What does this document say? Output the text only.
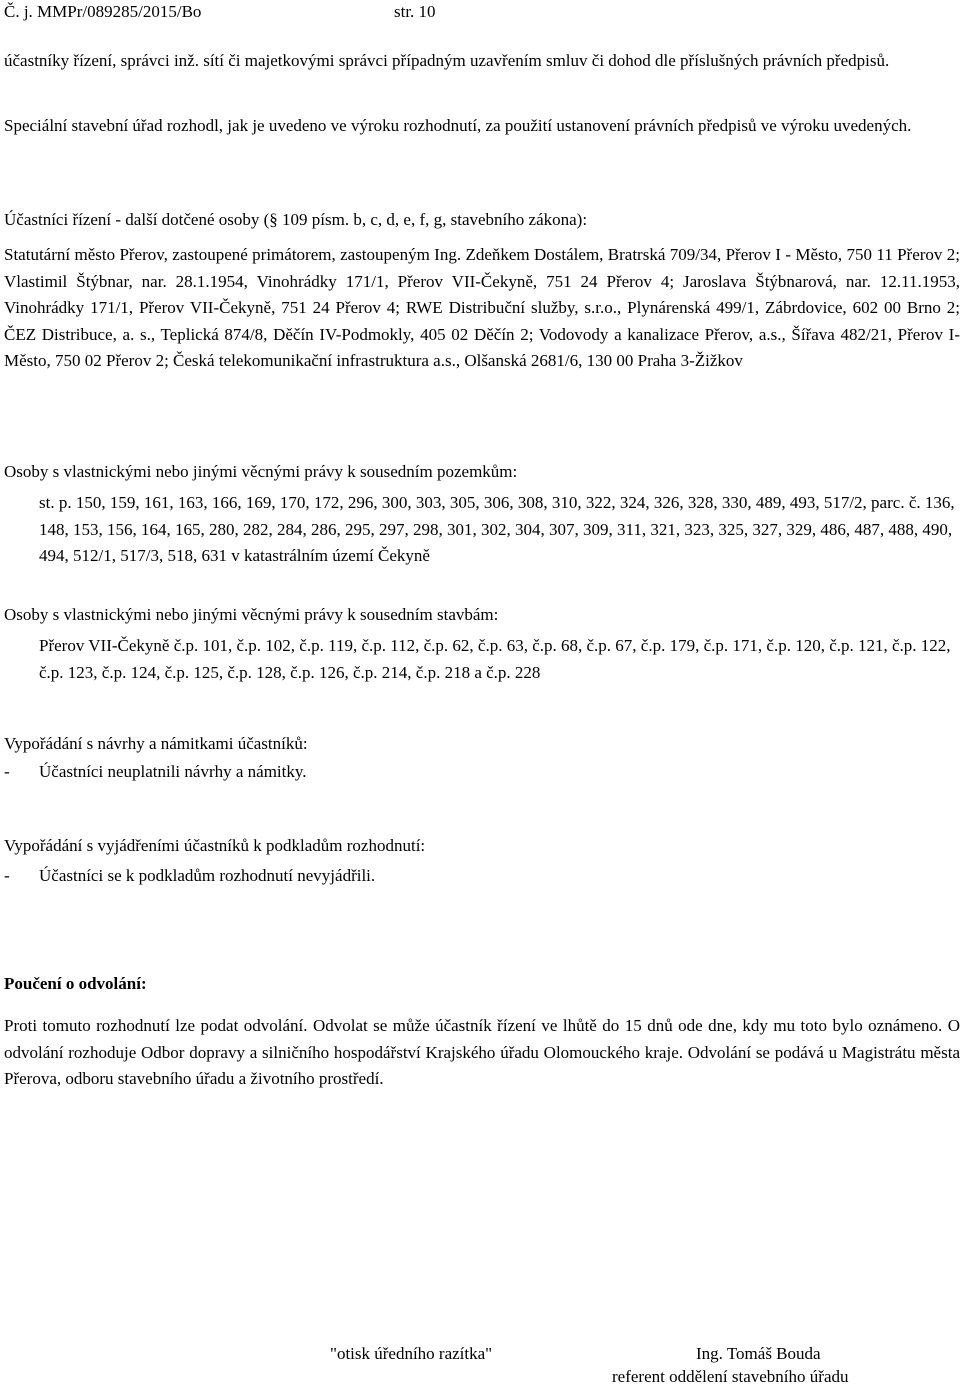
Č. j. MMPr/089285/2015/Bo	str. 10
účastníky řízení, správci inž. sítí či majetkovými správci případným uzavřením smluv či dohod dle příslušných právních předpisů.
Speciální stavební úřad rozhodl, jak je uvedeno ve výroku rozhodnutí, za použití ustanovení právních předpisů ve výroku uvedených.
Účastníci řízení - další dotčené osoby (§ 109 písm. b, c, d, e, f, g, stavebního zákona):
Statutární město Přerov, zastoupené primátorem, zastoupeným Ing. Zdeňkem Dostálem, Bratrská 709/34, Přerov I - Město, 750 11 Přerov 2; Vlastimil Štýbnar, nar. 28.1.1954, Vinohrádky 171/1, Přerov VII-Čekyně, 751 24 Přerov 4; Jaroslava Štýbnarová, nar. 12.11.1953, Vinohrádky 171/1, Přerov VII-Čekyně, 751 24 Přerov 4; RWE Distribuční služby, s.r.o., Plynárenská 499/1, Zábrdovice, 602 00 Brno 2; ČEZ Distribuce, a. s., Teplická 874/8, Děčín IV-Podmokly, 405 02 Děčín 2; Vodovody a kanalizace Přerov, a.s., Šířava 482/21, Přerov I-Město, 750 02 Přerov 2; Česká telekomunikační infrastruktura a.s., Olšanská 2681/6, 130 00 Praha 3-Žižkov
Osoby s vlastnickými nebo jinými věcnými právy k sousedním pozemkům:
st. p. 150, 159, 161, 163, 166, 169, 170, 172, 296, 300, 303, 305, 306, 308, 310, 322, 324, 326, 328, 330, 489, 493, 517/2, parc. č. 136, 148, 153, 156, 164, 165, 280, 282, 284, 286, 295, 297, 298, 301, 302, 304, 307, 309, 311, 321, 323, 325, 327, 329, 486, 487, 488, 490, 494, 512/1, 517/3, 518, 631 v katastrálním území Čekyně
Osoby s vlastnickými nebo jinými věcnými právy k sousedním stavbám:
Přerov VII-Čekyně č.p. 101, č.p. 102, č.p. 119, č.p. 112, č.p. 62, č.p. 63, č.p. 68, č.p. 67, č.p. 179, č.p. 171, č.p. 120, č.p. 121, č.p. 122, č.p. 123, č.p. 124, č.p. 125, č.p. 128, č.p. 126, č.p. 214, č.p. 218 a č.p. 228
Vypořádání s návrhy a námitkami účastníků:
- Účastníci neuplatnili návrhy a námitky.
Vypořádání s vyjádřeními účastníků k podkladům rozhodnutí:
- Účastníci se k podkladům rozhodnutí nevyjádřili.
Poučení o odvolání:
Proti tomuto rozhodnutí lze podat odvolání. Odvolat se může účastník řízení ve lhůtě do 15 dnů ode dne, kdy mu toto bylo oznámeno. O odvolání rozhoduje Odbor dopravy a silničního hospodářství Krajského úřadu Olomouckého kraje. Odvolání se podává u Magistrátu města Přerova, odboru stavebního úřadu a životního prostředí.
"otisk úředního razítka"	Ing. Tomáš Bouda
referent oddělení stavebního úřadu
